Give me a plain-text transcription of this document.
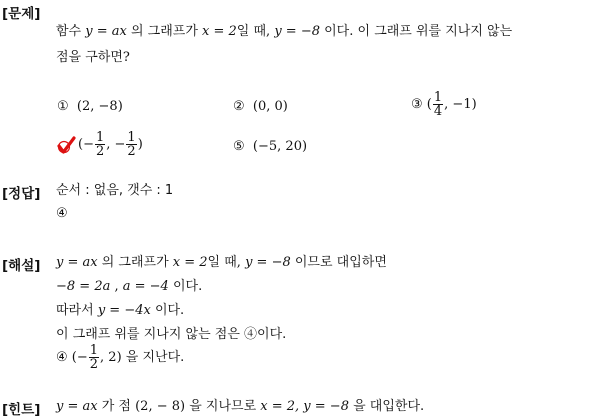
[문제]
함수 y = ax 의 그래프가 x = 2일 때, y = −8 이다. 이 그래프 위를 지나지 않는
점을 구하면?
① (2, −8)	② (0, 0)	③ ( $\frac{1}{4}$ , −1)
(− $\frac{1}{2}$ , − $\frac{1}{2}$ )	⑤ (−5, 20)
[정답] 순서 : 없음, 갯수 : 1
④
[해설] y = ax 의 그래프가 x = 2일 때, y = −8 이므로 대입하면
−8 = 2a , a = −4 이다.
따라서 y = −4x 이다.
이 그래프 위를 지나지 않는 점은 ④이다.
④ (− $\frac{1}{2}$ , 2) 을 지난다.
[힌트] y = ax 가 점 (2, − 8) 을 지나므로 x = 2, y = −8 을 대입한다.
